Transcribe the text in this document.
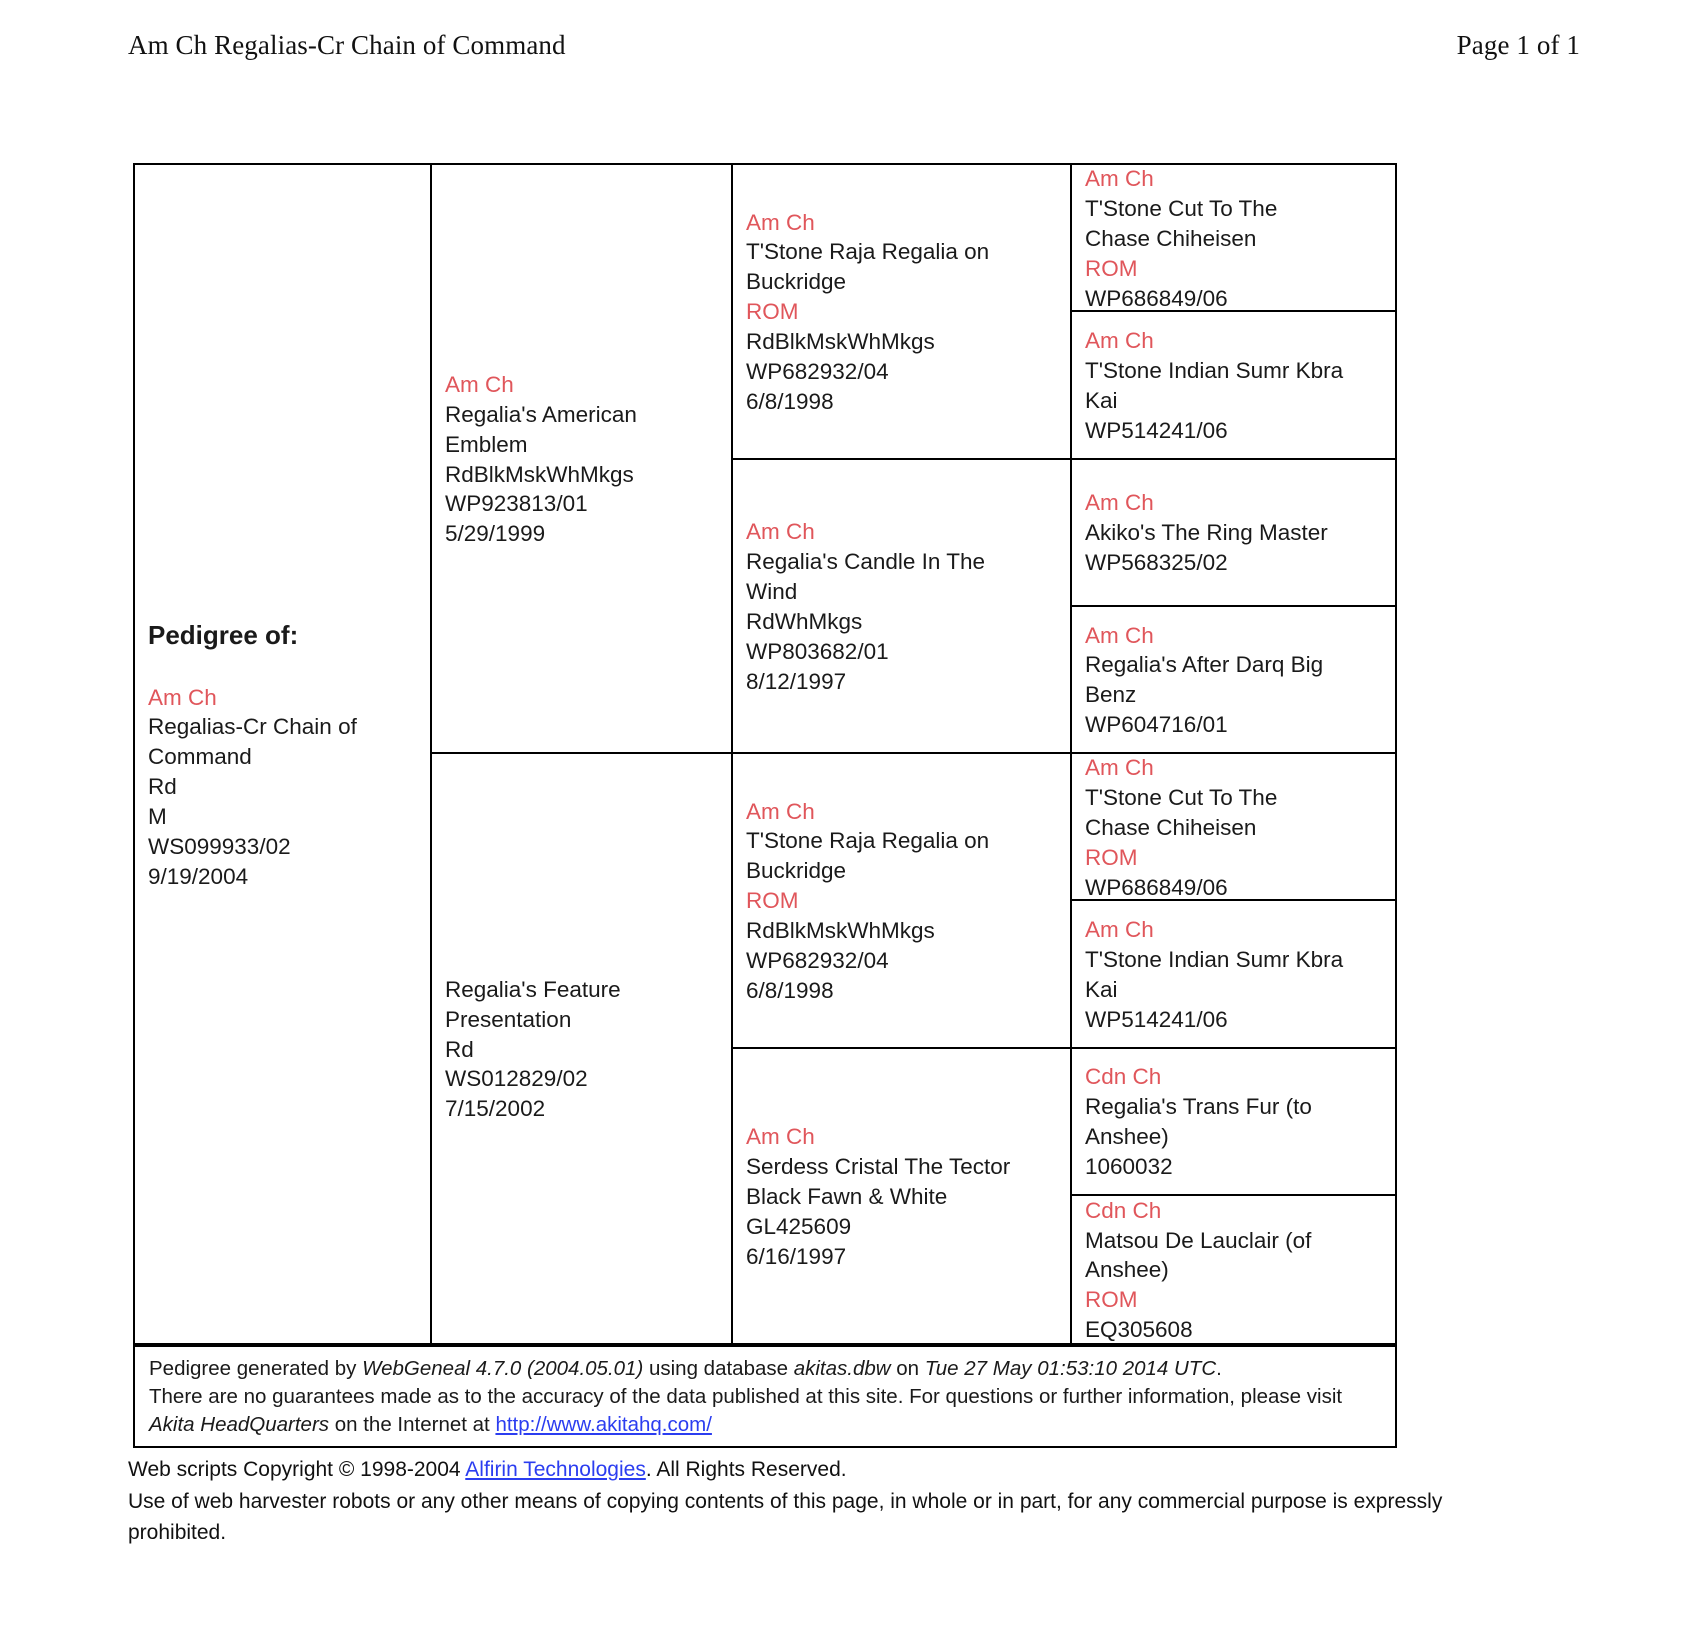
Am Ch Regalias-Cr Chain of Command	Page 1 of 1
Pedigree of:
Am Ch
Regalias-Cr Chain of
Command
Rd
M
WS099933/02
9/19/2004
Am Ch
Regalia's American
Emblem
RdBlkMskWhMkgs
WP923813/01
5/29/1999
Regalia's Feature
Presentation
Rd
WS012829/02
7/15/2002
Am Ch
T'Stone Raja Regalia on
Buckridge
ROM
RdBlkMskWhMkgs
WP682932/04
6/8/1998
Am Ch
Regalia's Candle In The
Wind
RdWhMkgs
WP803682/01
8/12/1997
Am Ch
T'Stone Raja Regalia on
Buckridge
ROM
RdBlkMskWhMkgs
WP682932/04
6/8/1998
Am Ch
Serdess Cristal The Tector
Black Fawn & White
GL425609
6/16/1997
Am Ch
T'Stone Cut To The
Chase Chiheisen
ROM
WP686849/06
Am Ch
T'Stone Indian Sumr Kbra
Kai
WP514241/06
Am Ch
Akiko's The Ring Master
WP568325/02
Am Ch
Regalia's After Darq Big
Benz
WP604716/01
Am Ch
T'Stone Cut To The
Chase Chiheisen
ROM
WP686849/06
Am Ch
T'Stone Indian Sumr Kbra
Kai
WP514241/06
Cdn Ch
Regalia's Trans Fur (to
Anshee)
1060032
Cdn Ch
Matsou De Lauclair (of
Anshee)
ROM
EQ305608
Pedigree generated by WebGeneal 4.7.0 (2004.05.01) using database akitas.dbw on Tue 27 May 01:53:10 2014 UTC.
There are no guarantees made as to the accuracy of the data published at this site. For questions or further information, please visit Akita HeadQuarters on the Internet at http://www.akitahq.com/
Web scripts Copyright © 1998-2004 Alfirin Technologies. All Rights Reserved.
Use of web harvester robots or any other means of copying contents of this page, in whole or in part, for any commercial purpose is expressly prohibited.
